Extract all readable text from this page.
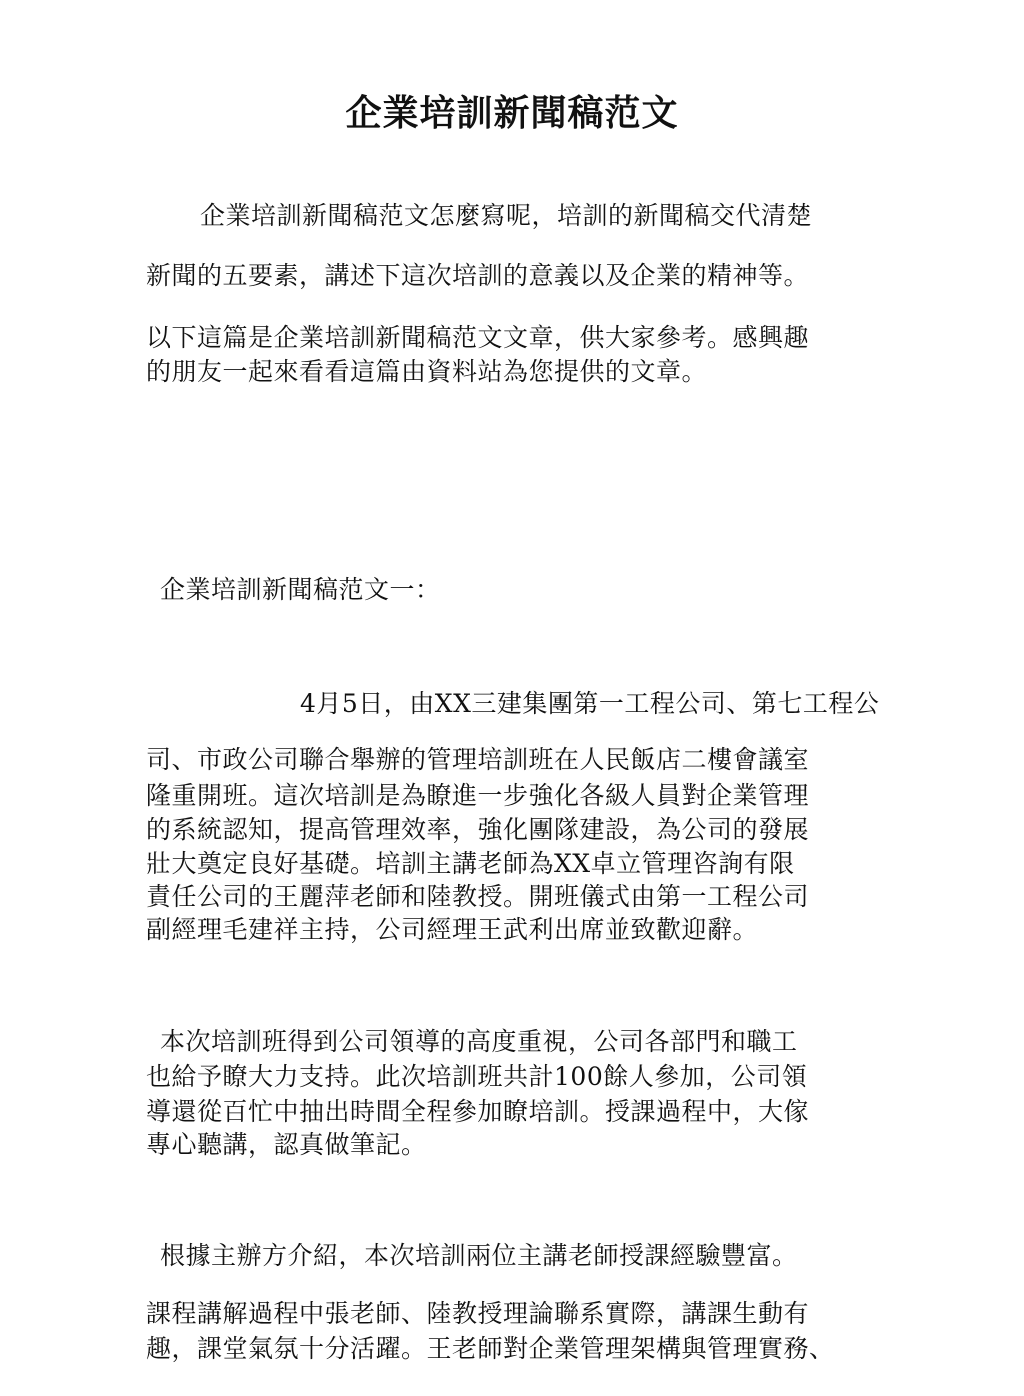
企業培訓新聞稿范文
企業培訓新聞稿范文怎麼寫呢，培訓的新聞稿交代清楚
新聞的五要素，講述下這次培訓的意義以及企業的精神等。
以下這篇是企業培訓新聞稿范文文章，供大家參考。感興趣
的朋友一起來看看這篇由資料站為您提供的文章。
企業培訓新聞稿范文一：
4月5日，由XX三建集團第一工程公司、第七工程公
司、市政公司聯合舉辦的管理培訓班在人民飯店二樓會議室
隆重開班。這次培訓是為瞭進一步強化各級人員對企業管理
的系統認知，提高管理效率，強化團隊建設，為公司的發展
壯大奠定良好基礎。培訓主講老師為XX卓立管理咨詢有限
責任公司的王麗萍老師和陸教授。開班儀式由第一工程公司
副經理毛建祥主持，公司經理王武利出席並致歡迎辭。
本次培訓班得到公司領導的高度重視，公司各部門和職工
也給予瞭大力支持。此次培訓班共計100餘人參加，公司領
導還從百忙中抽出時間全程參加瞭培訓。授課過程中，大傢
專心聽講，認真做筆記。
根據主辦方介紹，本次培訓兩位主講老師授課經驗豐富。
課程講解過程中張老師、陸教授理論聯系實際，講課生動有
趣，課堂氣氛十分活躍。王老師對企業管理架構與管理實務、
